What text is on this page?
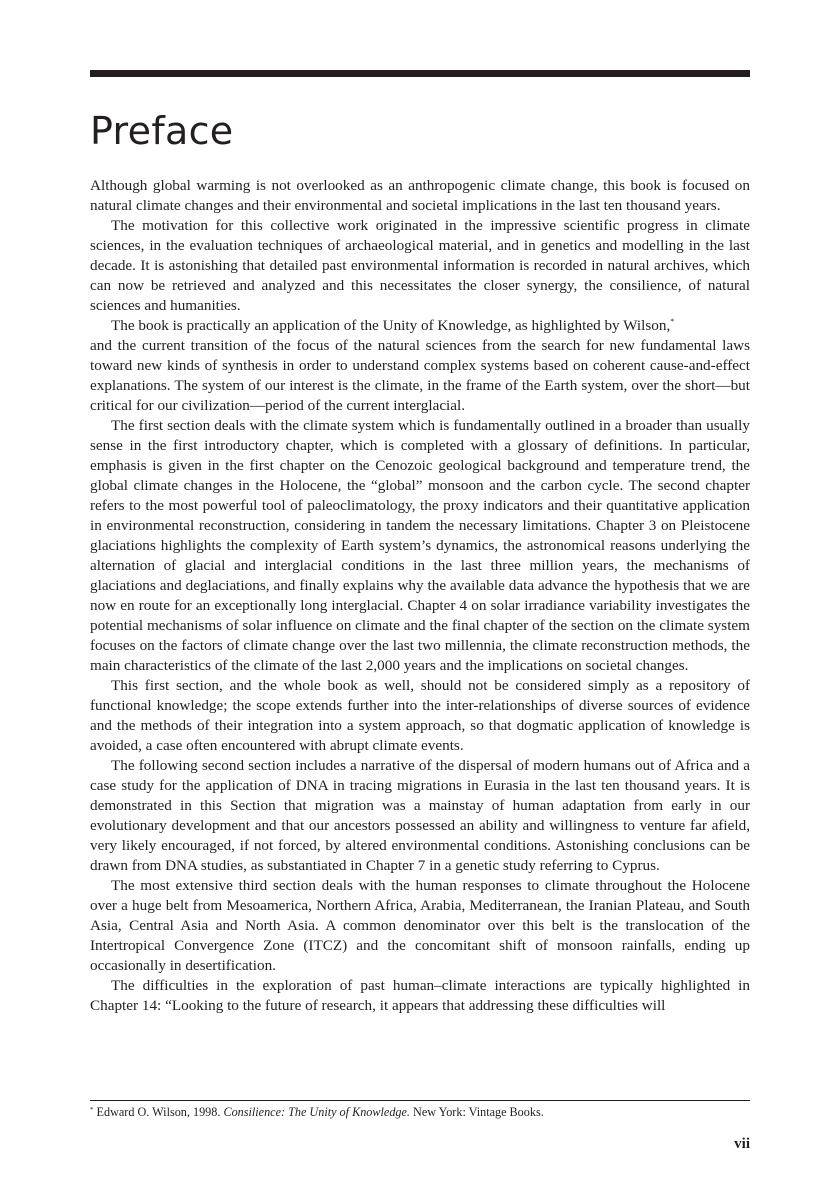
Preface

Although global warming is not overlooked as an anthropogenic climate change, this book is focused on natural climate changes and their environmental and societal implications in the last ten thousand years.

The motivation for this collective work originated in the impressive scientific progress in climate sciences, in the evaluation techniques of archaeological material, and in genetics and modelling in the last decade. It is astonishing that detailed past environmental information is recorded in natural archives, which can now be retrieved and analyzed and this necessitates the closer synergy, the consilience, of natural sciences and humanities.

The book is practically an application of the Unity of Knowledge, as highlighted by Wilson,*
and the current transition of the focus of the natural sciences from the search for new fundamental laws toward new kinds of synthesis in order to understand complex systems based on coherent cause-and-effect explanations. The system of our interest is the climate, in the frame of the Earth system, over the short—but critical for our civilization—period of the current interglacial.

The first section deals with the climate system which is fundamentally outlined in a broader than usually sense in the first introductory chapter, which is completed with a glossary of definitions. In particular, emphasis is given in the first chapter on the Cenozoic geological background and temperature trend, the global climate changes in the Holocene, the “global” monsoon and the carbon cycle. The second chapter refers to the most powerful tool of paleoclimatology, the proxy indicators and their quantitative application in environmental reconstruction, considering in tandem the necessary limitations. Chapter 3 on Pleistocene glaciations highlights the complexity of Earth system’s dynamics, the astronomical reasons underlying the alternation of glacial and interglacial conditions in the last three million years, the mechanisms of glaciations and deglaciations, and finally explains why the available data advance the hypothesis that we are now en route for an exceptionally long interglacial. Chapter 4 on solar irradiance variability investigates the potential mechanisms of solar influence on climate and the final chapter of the section on the climate system focuses on the factors of climate change over the last two millennia, the climate reconstruction methods, the main characteristics of the climate of the last 2,000 years and the implications on societal changes.

This first section, and the whole book as well, should not be considered simply as a repository of functional knowledge; the scope extends further into the inter-relationships of diverse sources of evidence and the methods of their integration into a system approach, so that dogmatic application of knowledge is avoided, a case often encountered with abrupt climate events.

The following second section includes a narrative of the dispersal of modern humans out of Africa and a case study for the application of DNA in tracing migrations in Eurasia in the last ten thousand years. It is demonstrated in this Section that migration was a mainstay of human adaptation from early in our evolutionary development and that our ancestors possessed an ability and willingness to venture far afield, very likely encouraged, if not forced, by altered environmental conditions. Astonishing conclusions can be drawn from DNA studies, as substantiated in Chapter 7 in a genetic study referring to Cyprus.

The most extensive third section deals with the human responses to climate throughout the Holocene over a huge belt from Mesoamerica, Northern Africa, Arabia, Mediterranean, the Iranian Plateau, and South Asia, Central Asia and North Asia. A common denominator over this belt is the translocation of the Intertropical Convergence Zone (ITCZ) and the concomitant shift of monsoon rainfalls, ending up occasionally in desertification.

The difficulties in the exploration of past human–climate interactions are typically highlighted in Chapter 14: “Looking to the future of research, it appears that addressing these difficulties will

* Edward O. Wilson, 1998. Consilience: The Unity of Knowledge. New York: Vintage Books.
vii
